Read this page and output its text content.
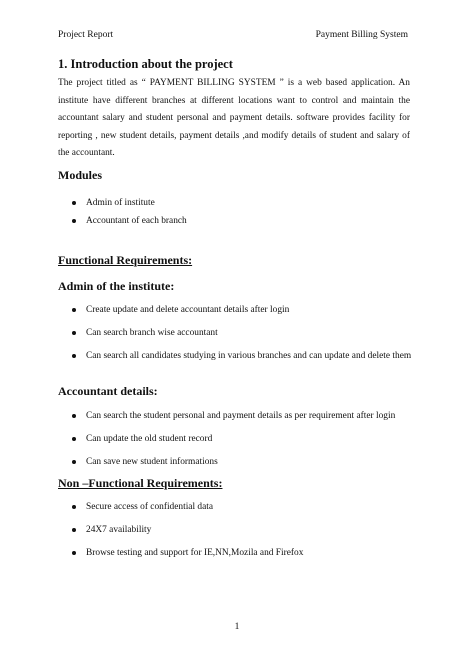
Project Report	Payment Billing System
1. Introduction about the project
The project titled as “ PAYMENT BILLING SYSTEM ” is a web based application. An institute have different branches at different locations want to control and maintain the accountant salary and student personal and payment details. software provides facility for reporting , new student details, payment details ,and modify details of student and salary of the accountant.
Modules
Admin of institute
Accountant of each branch
Functional Requirements:
Admin of the institute:
Create update and delete accountant details after login
Can search branch wise accountant
Can search all candidates studying in various branches and can update and delete them
Accountant details:
Can search the student personal and payment details as per requirement after login
Can update the old student record
Can save new student informations
Non –Functional Requirements:
Secure access of confidential data
24X7 availability
Browse testing and support for IE,NN,Mozila and Firefox
1
